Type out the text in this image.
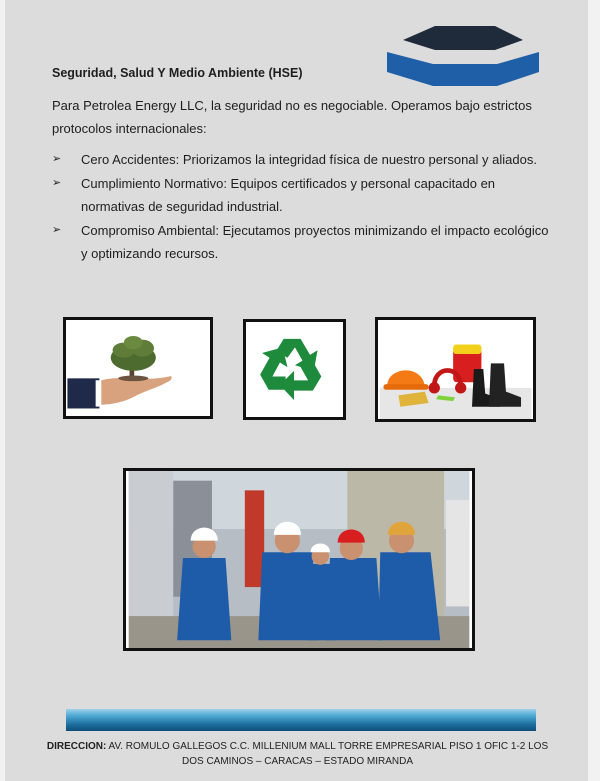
Seguridad, Salud Y Medio Ambiente (HSE)
Para Petrolea Energy LLC, la seguridad no es negociable. Operamos bajo estrictos protocolos internacionales:
➢ Cero Accidentes: Priorizamos la integridad física de nuestro personal y aliados.
➢ Cumplimiento Normativo: Equipos certificados y personal capacitado en normativas de seguridad industrial.
➢ Compromiso Ambiental: Ejecutamos proyectos minimizando el impacto ecológico y optimizando recursos.
DIRECCION: AV. ROMULO GALLEGOS C.C. MILLENIUM MALL TORRE EMPRESARIAL PISO 1 OFIC 1-2 LOS DOS CAMINOS – CARACAS – ESTADO MIRANDA
